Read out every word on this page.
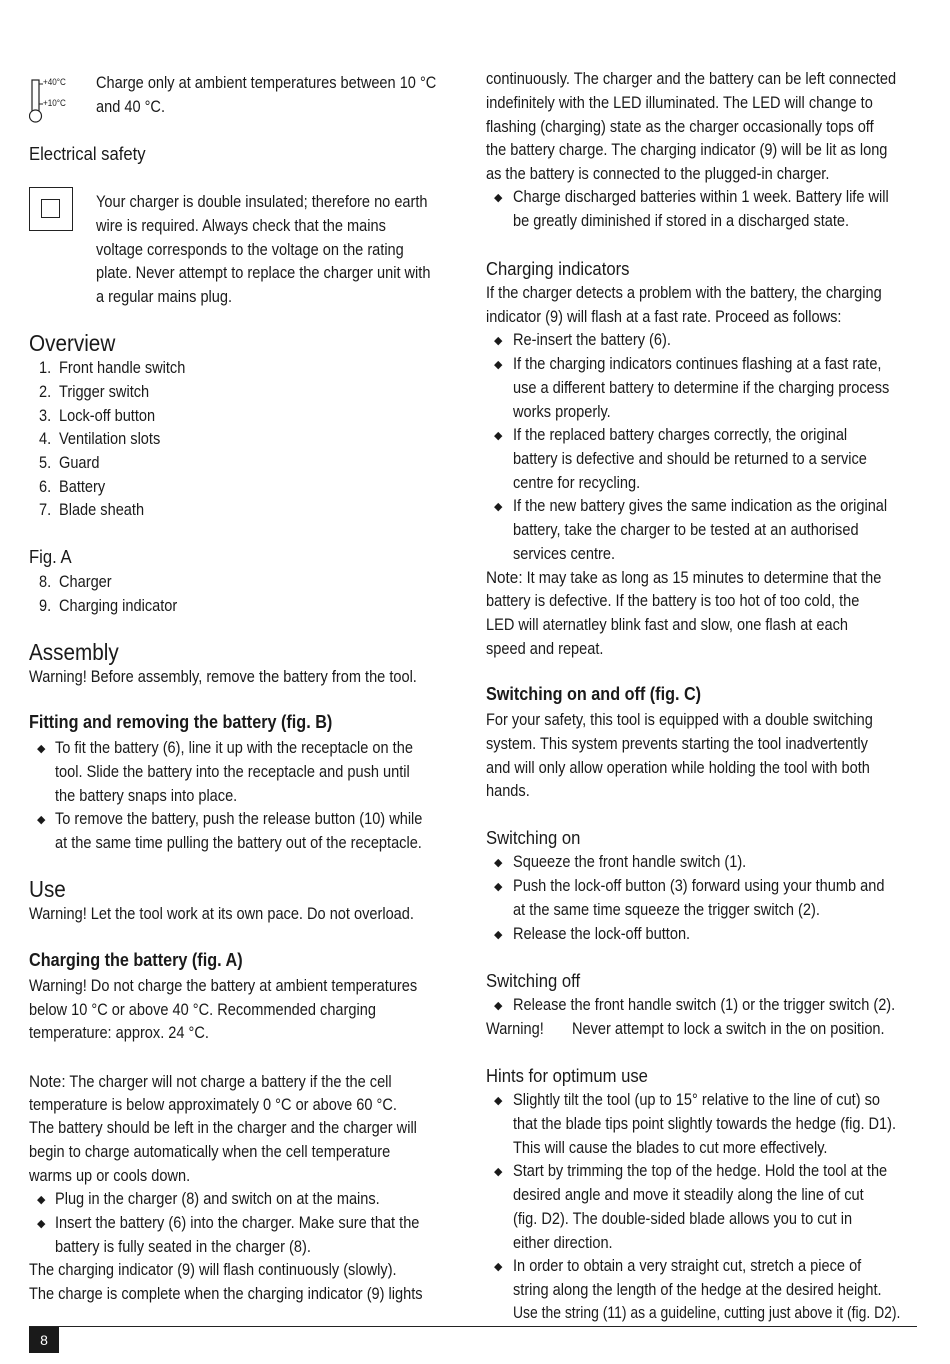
+40°C
+10°C
Charge only at ambient temperatures between 10 °C
and 40 °C.
Electrical safety
Your charger is double insulated; therefore no earth
wire is required. Always check that the mains
voltage corresponds to the voltage on the rating
plate. Never attempt to replace the charger unit with
a regular mains plug.
Overview
1. Front handle switch
2. Trigger switch
3. Lock-off button
4. Ventilation slots
5. Guard
6. Battery
7. Blade sheath
Fig. A
8. Charger
9. Charging indicator
Assembly
Warning! Before assembly, remove the battery from the tool.
Fitting and removing the battery (fig. B)
◆ To fit the battery (6), line it up with the receptacle on the
tool. Slide the battery into the receptacle and push until
the battery snaps into place.
◆ To remove the battery, push the release button (10) while
at the same time pulling the battery out of the receptacle.
Use
Warning! Let the tool work at its own pace. Do not overload.
Charging the battery (fig. A)
Warning! Do not charge the battery at ambient temperatures
below 10 °C or above 40 °C. Recommended charging
temperature: approx. 24 °C.
Note: The charger will not charge a battery if the the cell
temperature is below approximately 0 °C or above 60 °C.
The battery should be left in the charger and the charger will
begin to charge automatically when the cell temperature
warms up or cools down.
◆ Plug in the charger (8) and switch on at the mains.
◆ Insert the battery (6) into the charger. Make sure that the
battery is fully seated in the charger (8).
The charging indicator (9) will flash continuously (slowly).
The charge is complete when the charging indicator (9) lights
continuously. The charger and the battery can be left connected
indefinitely with the LED illuminated. The LED will change to
flashing (charging) state as the charger occasionally tops off
the battery charge. The charging indicator (9) will be lit as long
as the battery is connected to the plugged-in charger.
◆ Charge discharged batteries within 1 week. Battery life will
be greatly diminished if stored in a discharged state.
Charging indicators
If the charger detects a problem with the battery, the charging
indicator (9) will flash at a fast rate. Proceed as follows:
◆ Re-insert the battery (6).
◆ If the charging indicators continues flashing at a fast rate,
use a different battery to determine if the charging process
works properly.
◆ If the replaced battery charges correctly, the original
battery is defective and should be returned to a service
centre for recycling.
◆ If the new battery gives the same indication as the original
battery, take the charger to be tested at an authorised
services centre.
Note: It may take as long as 15 minutes to determine that the
battery is defective. If the battery is too hot of too cold, the
LED will aternatley blink fast and slow, one flash at each
speed and repeat.
Switching on and off (fig. C)
For your safety, this tool is equipped with a double switching
system. This system prevents starting the tool inadvertently
and will only allow operation while holding the tool with both
hands.
Switching on
◆ Squeeze the front handle switch (1).
◆ Push the lock-off button (3) forward using your thumb and
at the same time squeeze the trigger switch (2).
◆ Release the lock-off button.
Switching off
◆ Release the front handle switch (1) or the trigger switch (2).
Warning! Never attempt to lock a switch in the on position.
Hints for optimum use
◆ Slightly tilt the tool (up to 15° relative to the line of cut) so
that the blade tips point slightly towards the hedge (fig. D1).
This will cause the blades to cut more effectively.
◆ Start by trimming the top of the hedge. Hold the tool at the
desired angle and move it steadily along the line of cut
(fig. D2). The double-sided blade allows you to cut in
either direction.
◆ In order to obtain a very straight cut, stretch a piece of
string along the length of the hedge at the desired height.
Use the string (11) as a guideline, cutting just above it (fig. D2).
8
